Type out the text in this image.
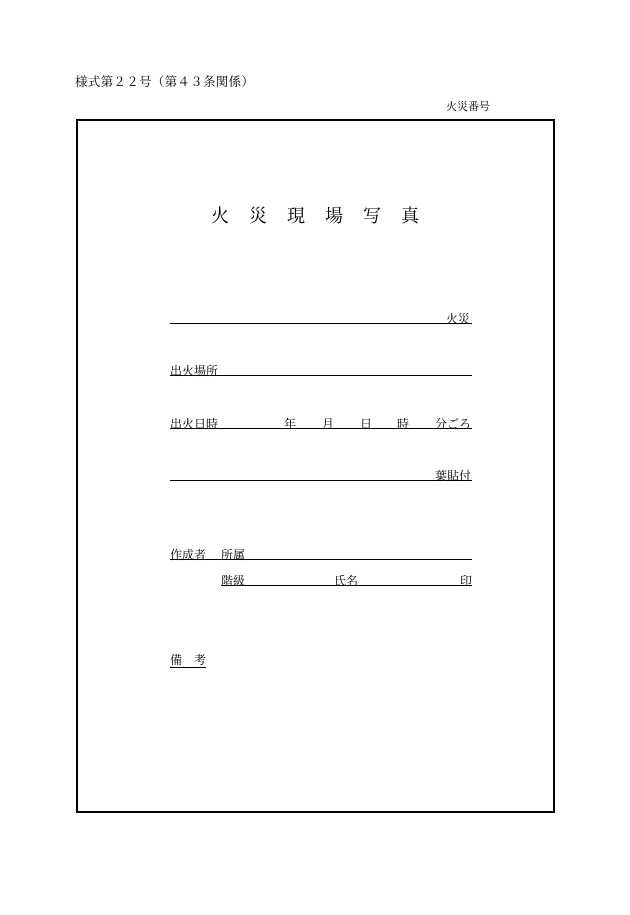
様式第２２号（第４３条関係）
火災番号
火 災 現 場 写 真
火災
出火場所
出火日時	年 月 日 時 分ごろ
葉貼付
作成者 所属
階級	氏名	印
備　考
